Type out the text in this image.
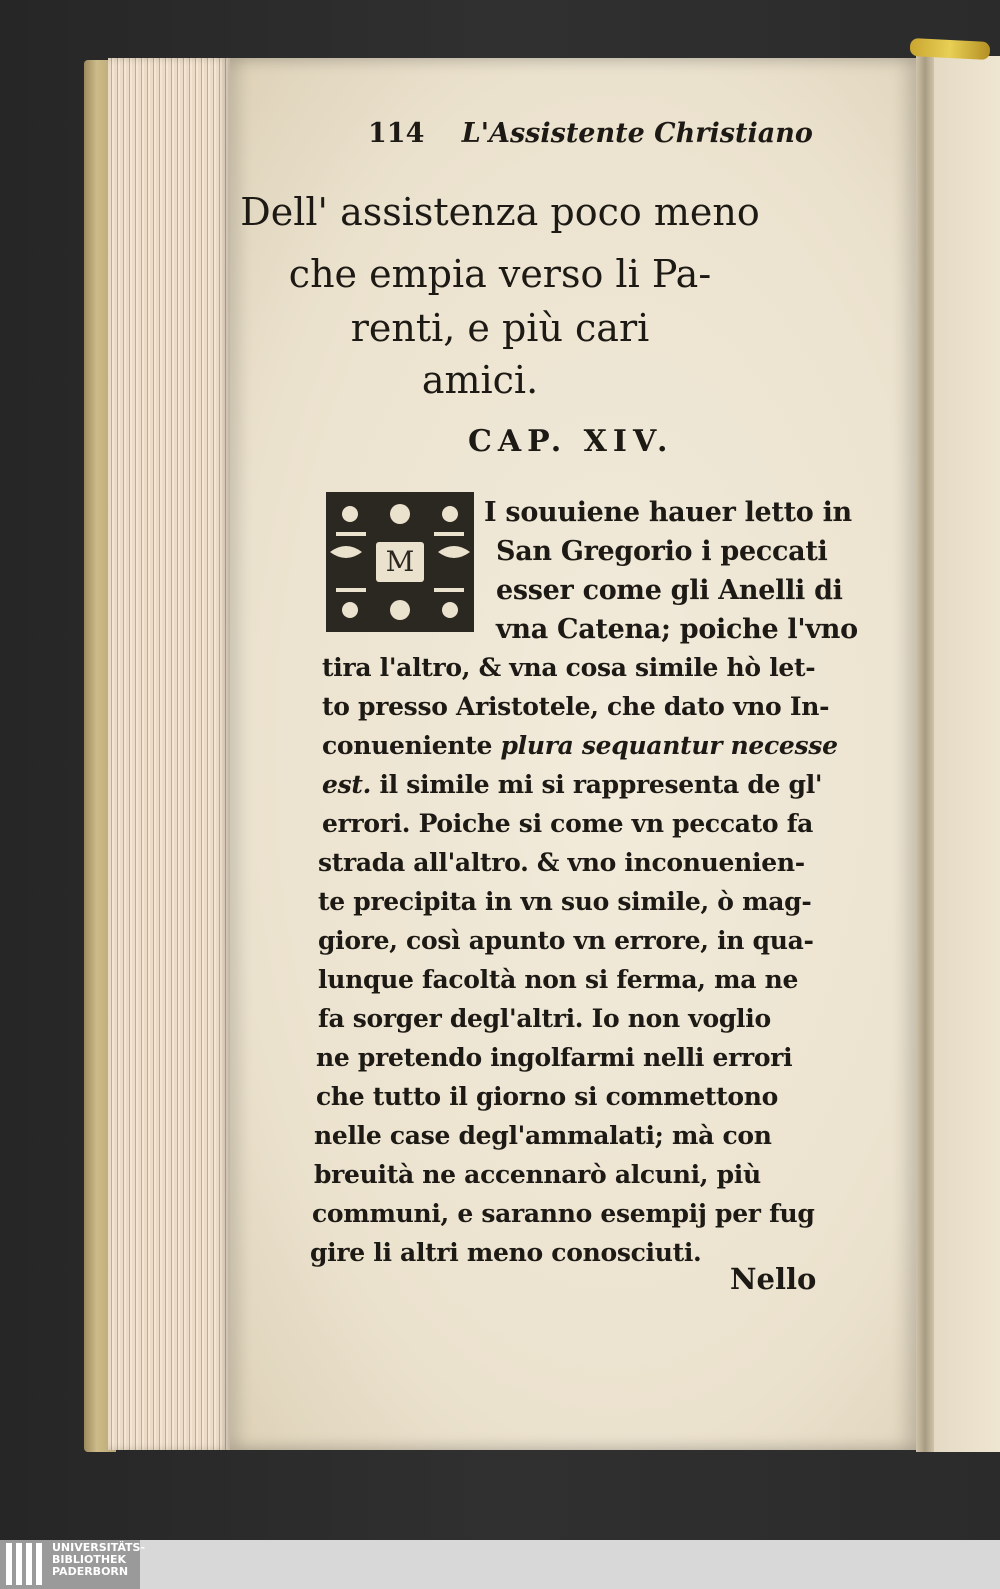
114 L'Assistente Christiano
Dell' assistenza poco meno
che empia verso li Pa-
renti, e più cari
amici.
CAP. XIV.
M
I souuiene hauer letto in
San Gregorio i peccati
esser come gli Anelli di
vna Catena; poiche l'vno
tira l'altro, & vna cosa simile hò let-
to presso Aristotele, che dato vno In-
conueniente plura sequantur necesse
est. il simile mi si rappresenta de gl'
errori. Poiche si come vn peccato fa
strada all'altro. & vno inconuenien-
te precipita in vn suo simile, ò mag-
giore, così apunto vn errore, in qua-
lunque facoltà non si ferma, ma ne
fa sorger degl'altri. Io non voglio
ne pretendo ingolfarmi nelli errori
che tutto il giorno si commettono
nelle case degl'ammalati; mà con
breuità ne accennarò alcuni, più
communi, e saranno esempij per fug
gire li altri meno conosciuti.
Nello
UNIVERSITÄTS-
BIBLIOTHEK
PADERBORN
